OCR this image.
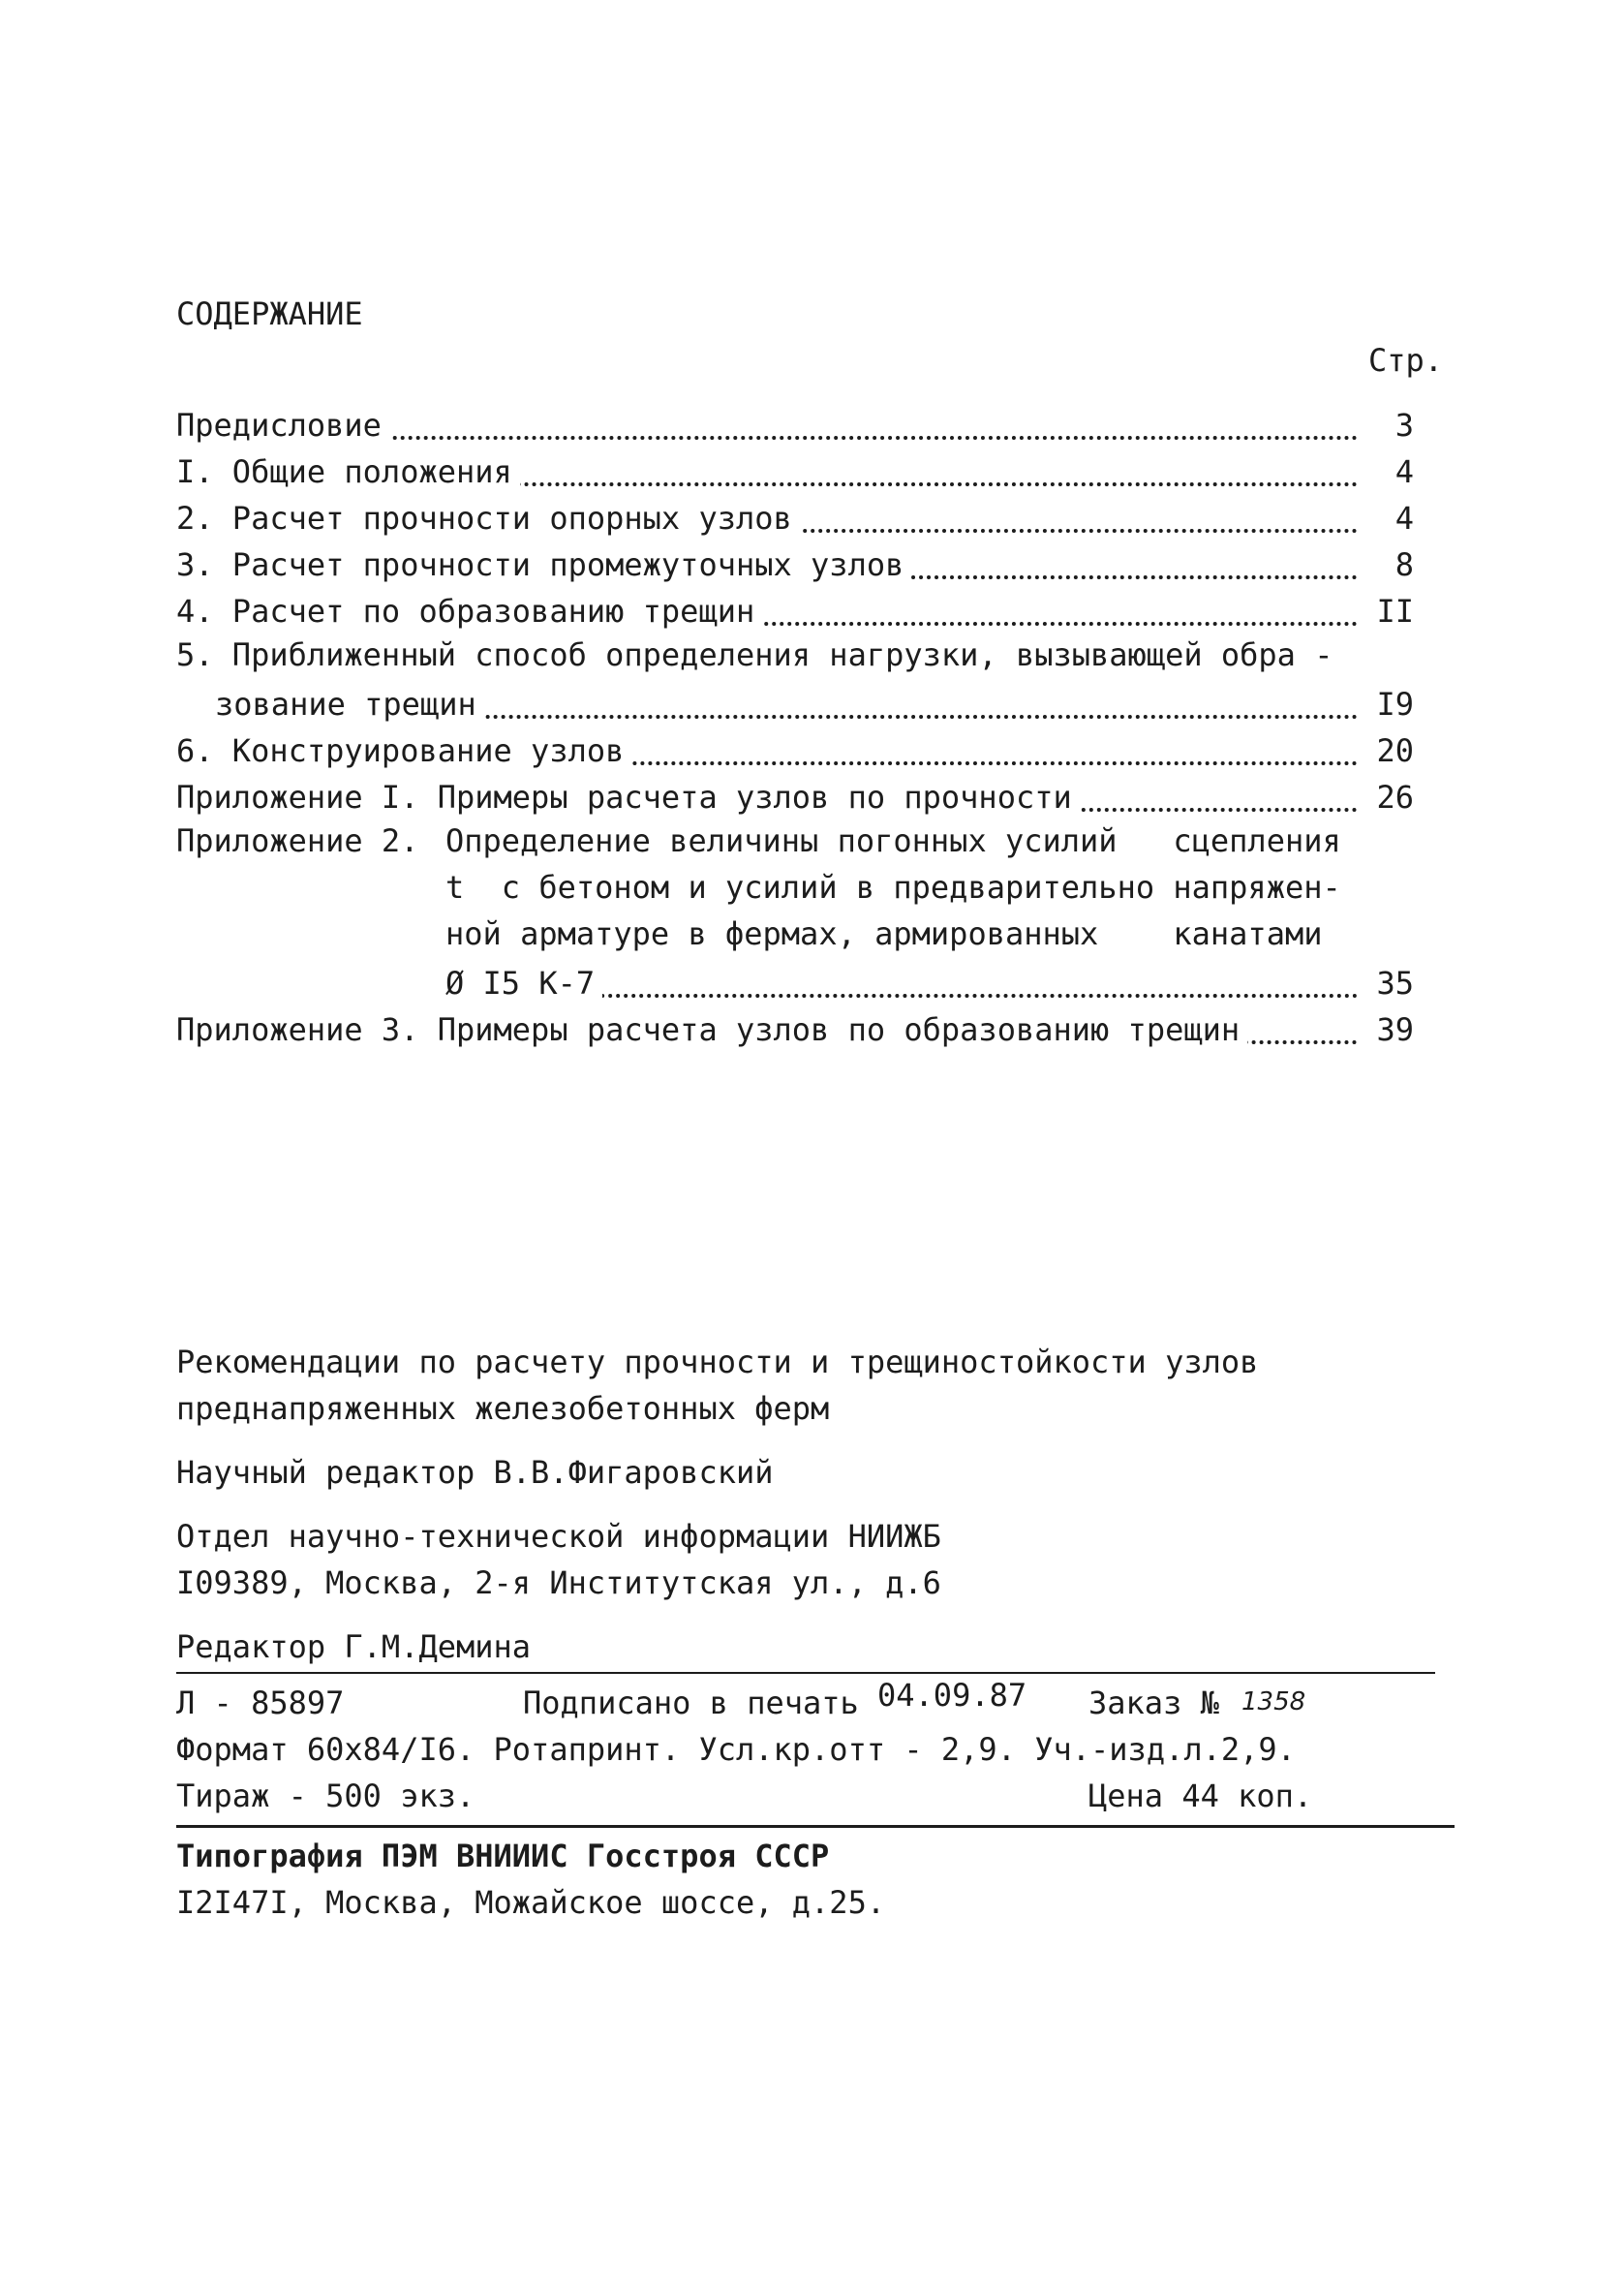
СОДЕРЖАНИЕ
Стр.
Предисловие	3
I. Общие положения	4
2. Расчет прочности опорных узлов	4
3. Расчет прочности промежуточных узлов	8
4. Расчет по образованию трещин	II
5. Приближенный способ определения нагрузки, вызывающей обра -
зование трещин	I9
6. Конструирование узлов	20
Приложение I. Примеры расчета узлов по прочности	26
Приложение 2. Определение величины погонных усилий   сцепления
t  с бетоном и усилий в предварительно напряжен-
ной арматуре в фермах, армированных    канатами
Ø I5 К-7	35
Приложение 3. Примеры расчета узлов по образованию трещин	39
Рекомендации по расчету прочности и трещиностойкости узлов
преднапряженных железобетонных ферм
Научный редактор В.В.Фигаровский
Отдел научно-технической информации НИИЖБ
I09389, Москва, 2-я Институтская ул., д.6
Редактор Г.М.Демина
Л - 85897	Подписано в печать 04.09.87 Заказ № 1358
Формат 60х84/I6. Ротапринт. Усл.кр.отт - 2,9. Уч.-изд.л.2,9.
Тираж - 500 экз.	Цена 44 коп.
Типография ПЭМ ВНИИИС Госстроя СССР
I2I47I, Москва, Можайское шоссе, д.25.
